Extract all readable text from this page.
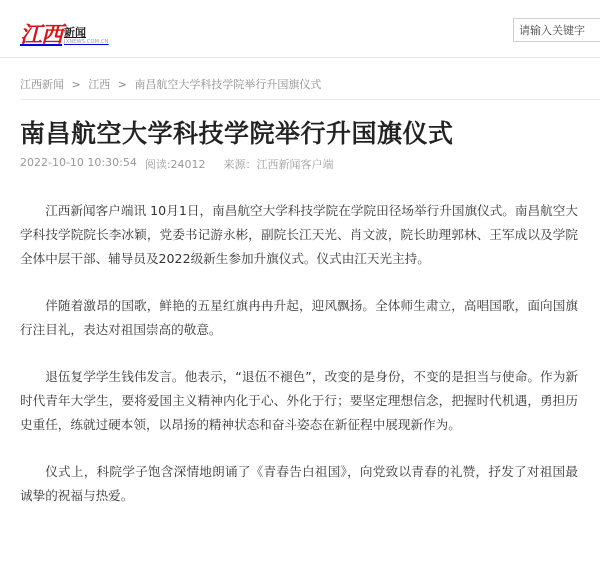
江西 新闻
JXNEWS.COM.CN
请输入关键字
江西新闻 > 江西 > 南昌航空大学科技学院举行升国旗仪式
南昌航空大学科技学院举行升国旗仪式
2022-10-10 10:30:54 阅读:24012 来源：江西新闻客户端

江西新闻客户端讯 10月1日，南昌航空大学科技学院在学院田径场举行升国旗仪式。南昌航空大学科技学院院长李冰颖，党委书记游永彬，副院长江天光、肖文波，院长助理郭林、王军成以及学院全体中层干部、辅导员及2022级新生参加升旗仪式。仪式由江天光主持。

伴随着激昂的国歌，鲜艳的五星红旗冉冉升起，迎风飘扬。全体师生肃立，高唱国歌，面向国旗行注目礼，表达对祖国崇高的敬意。

退伍复学学生钱伟发言。他表示，“退伍不褪色”，改变的是身份，不变的是担当与使命。作为新时代青年大学生，要将爱国主义精神内化于心、外化于行；要坚定理想信念，把握时代机遇，勇担历史重任，练就过硬本领，以昂扬的精神状态和奋斗姿态在新征程中展现新作为。

仪式上，科院学子饱含深情地朗诵了《青春告白祖国》，向党致以青春的礼赞，抒发了对祖国最诚挚的祝福与热爱。
